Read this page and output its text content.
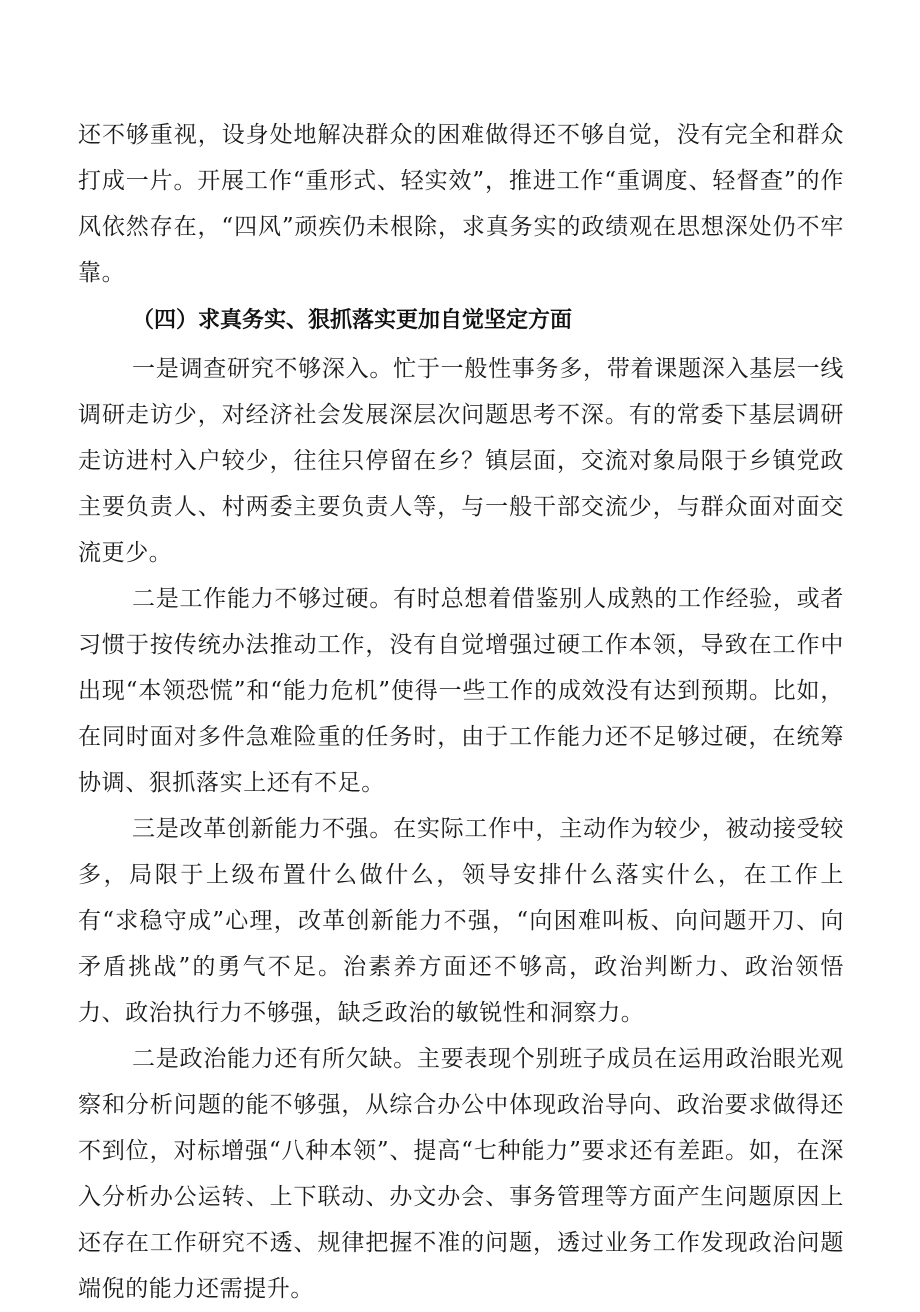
还不够重视，设身处地解决群众的困难做得还不够自觉，没有完全和群众打成一片。开展工作“重形式、轻实效”，推进工作“重调度、轻督查”的作风依然存在，“四风”顽疾仍未根除，求真务实的政绩观在思想深处仍不牢靠。

（四）求真务实、狠抓落实更加自觉坚定方面

一是调查研究不够深入。忙于一般性事务多，带着课题深入基层一线调研走访少，对经济社会发展深层次问题思考不深。有的常委下基层调研走访进村入户较少，往往只停留在乡？镇层面，交流对象局限于乡镇党政主要负责人、村两委主要负责人等，与一般干部交流少，与群众面对面交流更少。

二是工作能力不够过硬。有时总想着借鉴别人成熟的工作经验，或者习惯于按传统办法推动工作，没有自觉增强过硬工作本领，导致在工作中出现“本领恐慌”和“能力危机”使得一些工作的成效没有达到预期。比如，在同时面对多件急难险重的任务时，由于工作能力还不足够过硬，在统筹协调、狠抓落实上还有不足。

三是改革创新能力不强。在实际工作中，主动作为较少，被动接受较多，局限于上级布置什么做什么，领导安排什么落实什么，在工作上有“求稳守成”心理，改革创新能力不强，“向困难叫板、向问题开刀、向矛盾挑战”的勇气不足。治素养方面还不够高，政治判断力、政治领悟力、政治执行力不够强，缺乏政治的敏锐性和洞察力。

二是政治能力还有所欠缺。主要表现个别班子成员在运用政治眼光观察和分析问题的能不够强，从综合办公中体现政治导向、政治要求做得还不到位，对标增强“八种本领”、提高“七种能力”要求还有差距。如，在深入分析办公运转、上下联动、办文办会、事务管理等方面产生问题原因上还存在工作研究不透、规律把握不准的问题，透过业务工作发现政治问题端倪的能力还需提升。
